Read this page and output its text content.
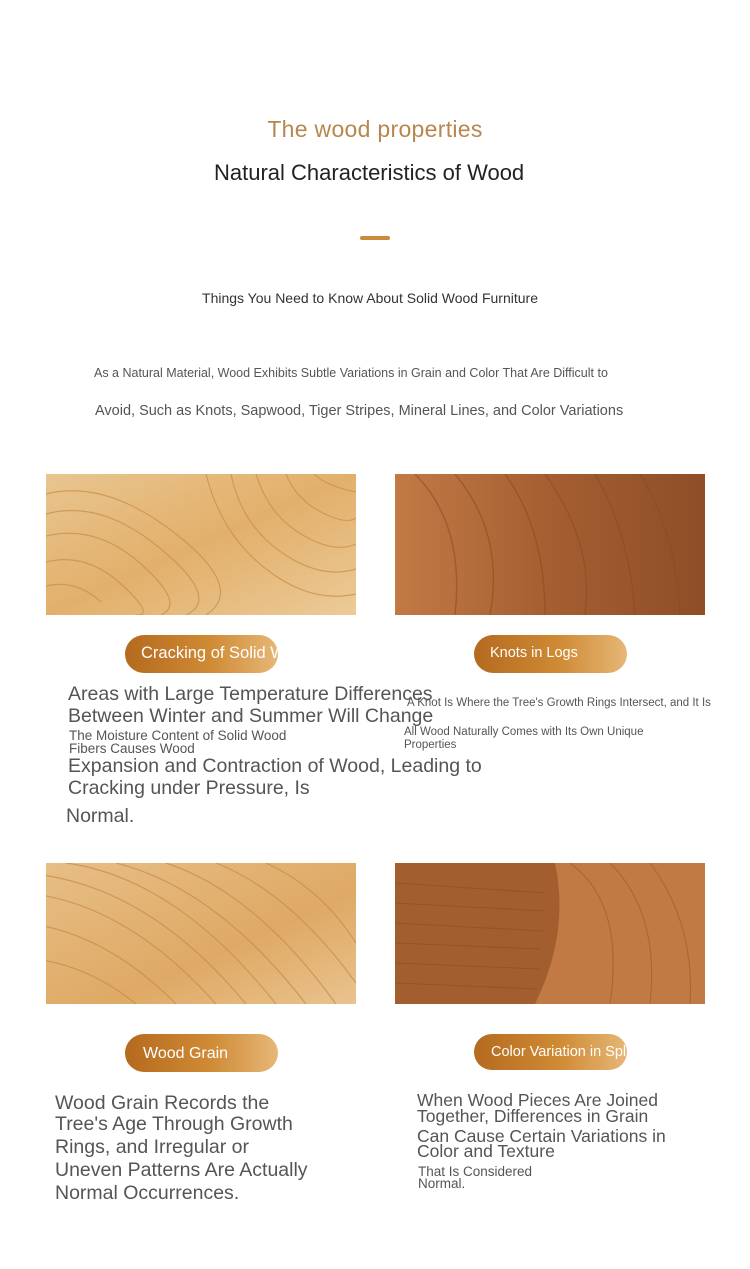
The wood properties
Natural Characteristics of Wood
Things You Need to Know About Solid Wood Furniture
As a Natural Material, Wood Exhibits Subtle Variations in Grain and Color That Are Difficult to
Avoid, Such as Knots, Sapwood, Tiger Stripes, Mineral Lines, and Color Variations
Cracking of Solid Wood
Areas with Large Temperature Differences
Between Winter and Summer Will Change
The Moisture Content of Solid Wood
Fibers Causes Wood
Expansion and Contraction of Wood, Leading to
Cracking under Pressure, Is
Normal.
Knots in Logs
A Knot Is Where the Tree's Growth Rings Intersect, and It Is
All Wood Naturally Comes with Its Own Unique
Properties
Wood Grain
Wood Grain Records the
Tree's Age Through Growth
Rings, and Irregular or
Uneven Patterns Are Actually
Normal Occurrences.
Color Variation in Splicing
When Wood Pieces Are Joined
Together, Differences in Grain
Can Cause Certain Variations in
Color and Texture
That Is Considered
Normal.
